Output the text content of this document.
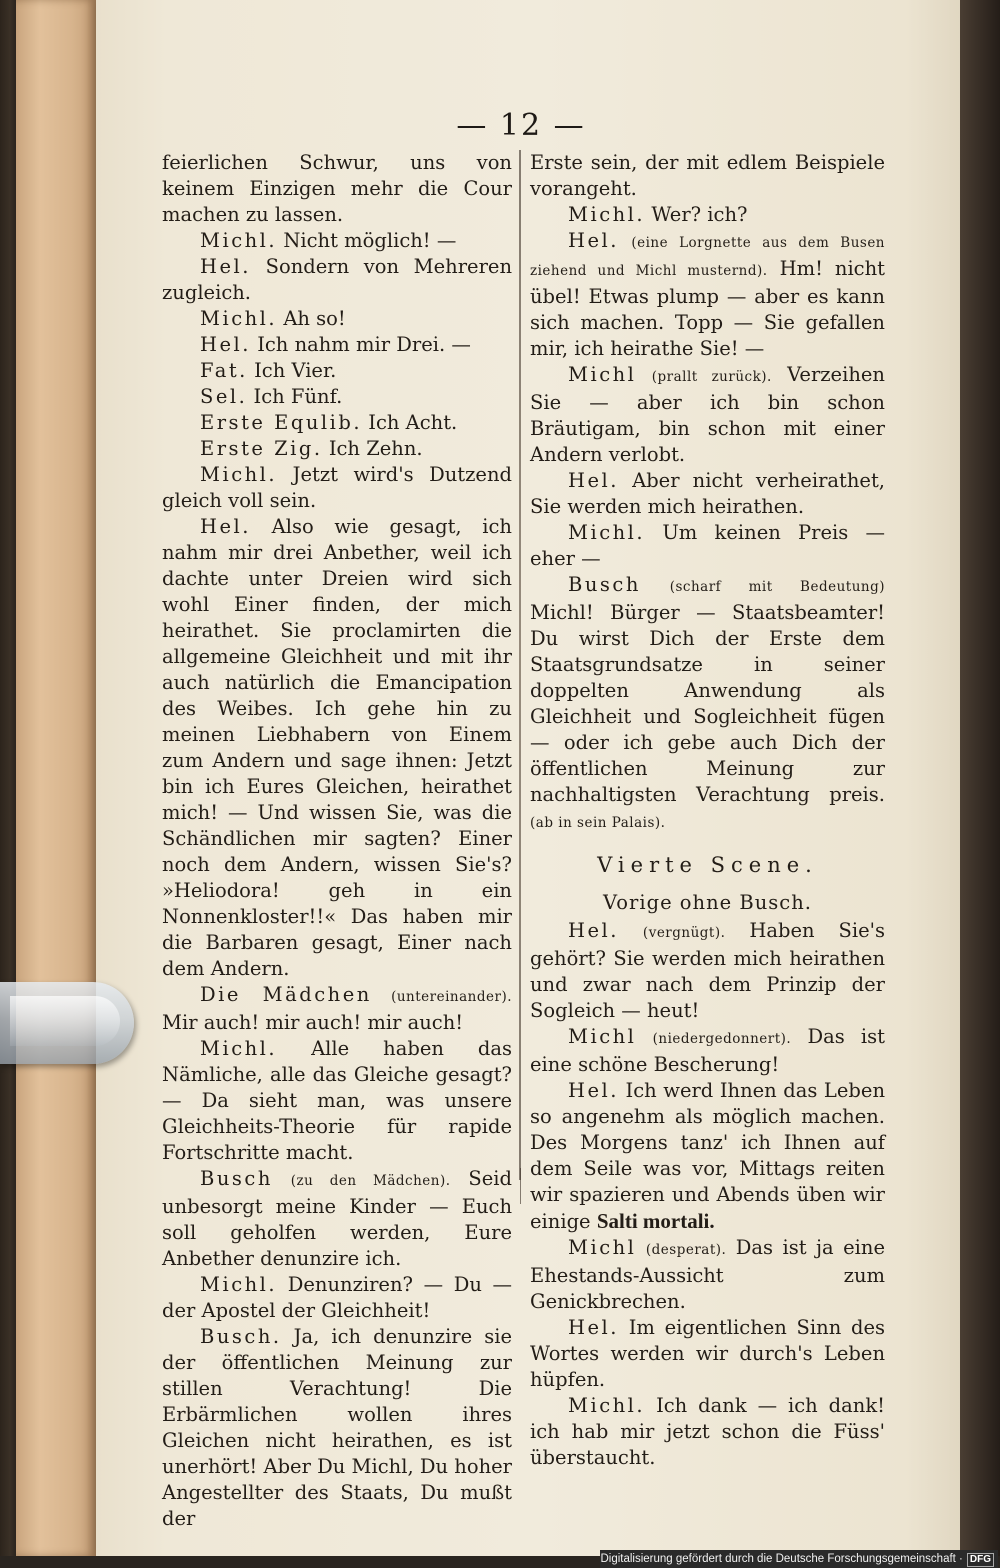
— 12 —

feierlichen Schwur, uns von keinem Einzigen mehr die Cour machen zu lassen.

Michl. Nicht möglich! —

Hel. Sondern von Mehreren zugleich.

Michl. Ah so!

Hel. Ich nahm mir Drei. —

Fat. Ich Vier.

Sel. Ich Fünf.

Erste Equlib. Ich Acht.

Erste Zig. Ich Zehn.

Michl. Jetzt wird's Dutzend gleich voll sein.

Hel. Also wie gesagt, ich nahm mir drei Anbether, weil ich dachte unter Dreien wird sich wohl Einer finden, der mich heirathet. Sie proclamirten die allgemeine Gleichheit und mit ihr auch natürlich die Emancipation des Weibes. Ich gehe hin zu meinen Liebhabern von Einem zum Andern und sage ihnen: Jetzt bin ich Eures Gleichen, heirathet mich! — Und wissen Sie, was die Schändlichen mir sagten? Einer noch dem Andern, wissen Sie's? »Heliodora! geh in ein Nonnenkloster!!« Das haben mir die Barbaren gesagt, Einer nach dem Andern.

Die Mädchen (untereinander). Mir auch! mir auch! mir auch!

Michl. Alle haben das Nämliche, alle das Gleiche gesagt? — Da sieht man, was unsere Gleichheits-Theorie für rapide Fortschritte macht.

Busch (zu den Mädchen). Seid unbesorgt meine Kinder — Euch soll geholfen werden, Eure Anbether denunzire ich.

Michl. Denunziren? — Du — der Apostel der Gleichheit!

Busch. Ja, ich denunzire sie der öffentlichen Meinung zur stillen Verachtung! Die Erbärmlichen wollen ihres Gleichen nicht heirathen, es ist unerhört! Aber Du Michl, Du hoher Angestellter des Staats, Du mußt der

Erste sein, der mit edlem Beispiele vorangeht.

Michl. Wer? ich?

Hel. (eine Lorgnette aus dem Busen ziehend und Michl musternd). Hm! nicht übel! Etwas plump — aber es kann sich machen. Topp — Sie gefallen mir, ich heirathe Sie! —

Michl (prallt zurück). Verzeihen Sie — aber ich bin schon Bräutigam, bin schon mit einer Andern verlobt.

Hel. Aber nicht verheirathet, Sie werden mich heirathen.

Michl. Um keinen Preis — eher —

Busch (scharf mit Bedeutung) Michl! Bürger — Staatsbeamter! Du wirst Dich der Erste dem Staatsgrundsatze in seiner doppelten Anwendung als Gleichheit und Sogleichheit fügen — oder ich gebe auch Dich der öffentlichen Meinung zur nachhaltigsten Verachtung preis. (ab in sein Palais).

Vierte Scene.

Vorige ohne Busch.

Hel. (vergnügt). Haben Sie's gehört? Sie werden mich heirathen und zwar nach dem Prinzip der Sogleich — heut!

Michl (niedergedonnert). Das ist eine schöne Bescherung!

Hel. Ich werd Ihnen das Leben so angenehm als möglich machen. Des Morgens tanz' ich Ihnen auf dem Seile was vor, Mittags reiten wir spazieren und Abends üben wir einige Salti mortali.

Michl (desperat). Das ist ja eine Ehestands-Aussicht zum Genickbrechen.

Hel. Im eigentlichen Sinn des Wortes werden wir durch's Leben hüpfen.

Michl. Ich dank — ich dank! ich hab mir jetzt schon die Füss' überstaucht.

Digitalisierung gefördert durch die Deutsche Forschungsgemeinschaft · DFG
